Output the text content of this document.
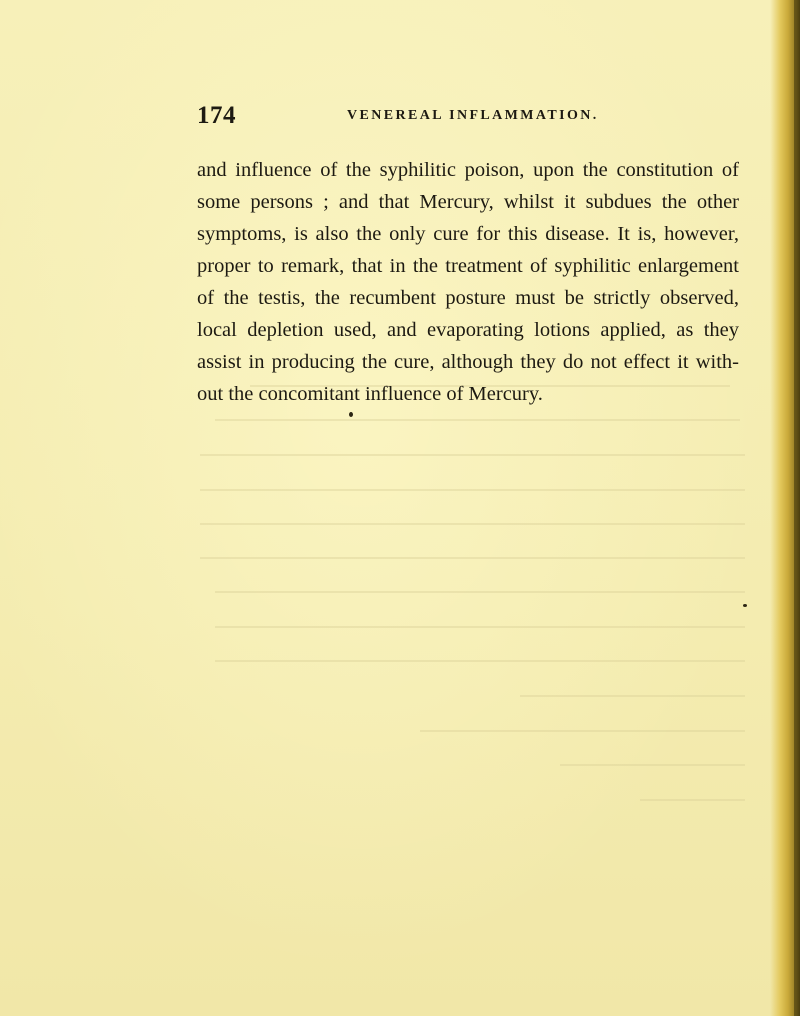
174	VENEREAL INFLAMMATION.

and influence of the syphilitic poison, upon the constitution of
some persons ; and that Mercury, whilst it subdues the other
symptoms, is also the only cure for this disease. It is, however,
proper to remark, that in the treatment of syphilitic enlargement
of the testis, the recumbent posture must be strictly observed,
local depletion used, and evaporating lotions applied, as they
assist in producing the cure, although they do not effect it with-
out the concomitant influence of Mercury.
